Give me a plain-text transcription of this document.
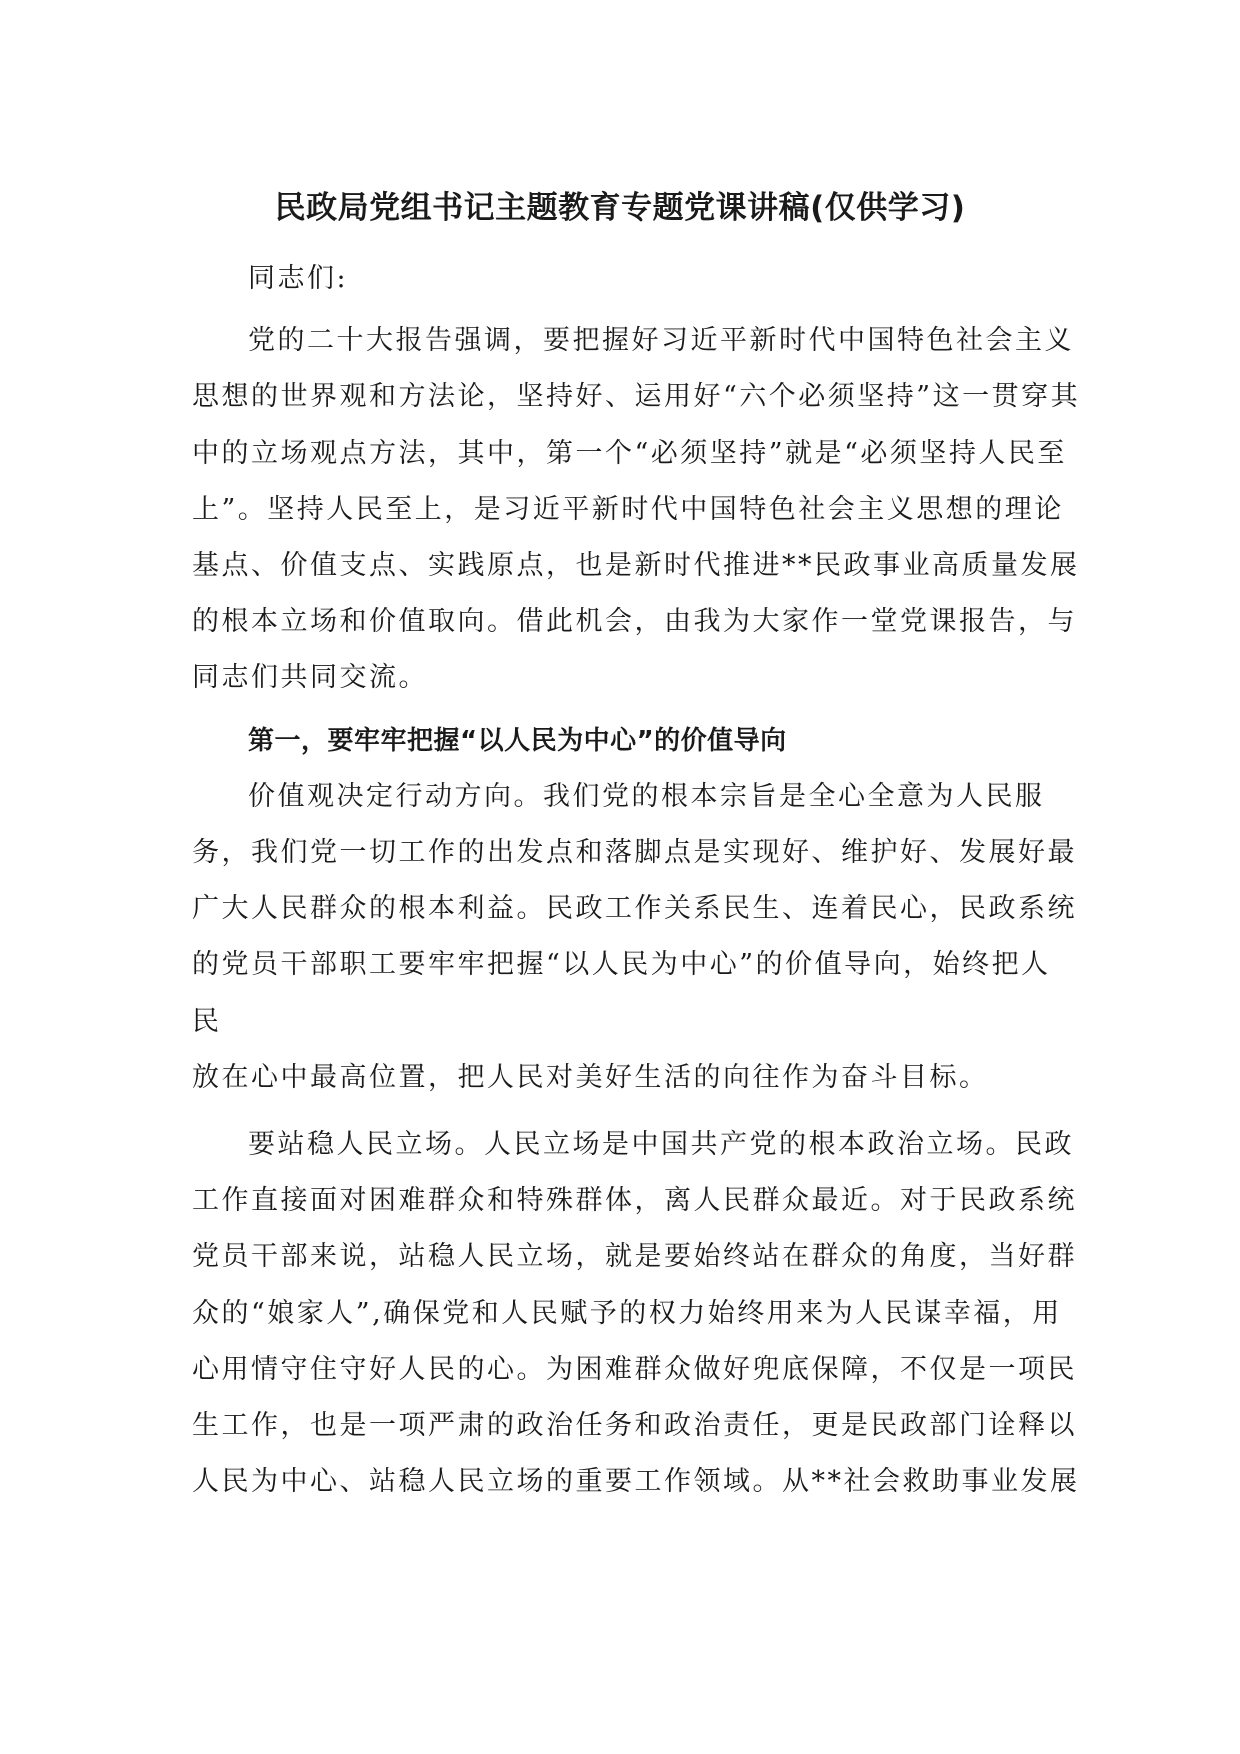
民政局党组书记主题教育专题党课讲稿(仅供学习)

同志们:

党的二十大报告强调，要把握好习近平新时代中国特色社会主义
思想的世界观和方法论，坚持好、运用好“六个必须坚持”这一贯穿其
中的立场观点方法，其中，第一个“必须坚持”就是“必须坚持人民至
上”。坚持人民至上，是习近平新时代中国特色社会主义思想的理论
基点、价值支点、实践原点，也是新时代推进**民政事业高质量发展
的根本立场和价值取向。借此机会，由我为大家作一堂党课报告，与
同志们共同交流。

第一，要牢牢把握“以人民为中心”的价值导向

价值观决定行动方向。我们党的根本宗旨是全心全意为人民服
务，我们党一切工作的出发点和落脚点是实现好、维护好、发展好最
广大人民群众的根本利益。民政工作关系民生、连着民心，民政系统
的党员干部职工要牢牢把握“以人民为中心”的价值导向，始终把人
民
放在心中最高位置，把人民对美好生活的向往作为奋斗目标。

要站稳人民立场。人民立场是中国共产党的根本政治立场。民政
工作直接面对困难群众和特殊群体，离人民群众最近。对于民政系统
党员干部来说，站稳人民立场，就是要始终站在群众的角度，当好群
众的“娘家人”,确保党和人民赋予的权力始终用来为人民谋幸福，用
心用情守住守好人民的心。为困难群众做好兜底保障，不仅是一项民
生工作，也是一项严肃的政治任务和政治责任，更是民政部门诠释以
人民为中心、站稳人民立场的重要工作领域。从**社会救助事业发展
